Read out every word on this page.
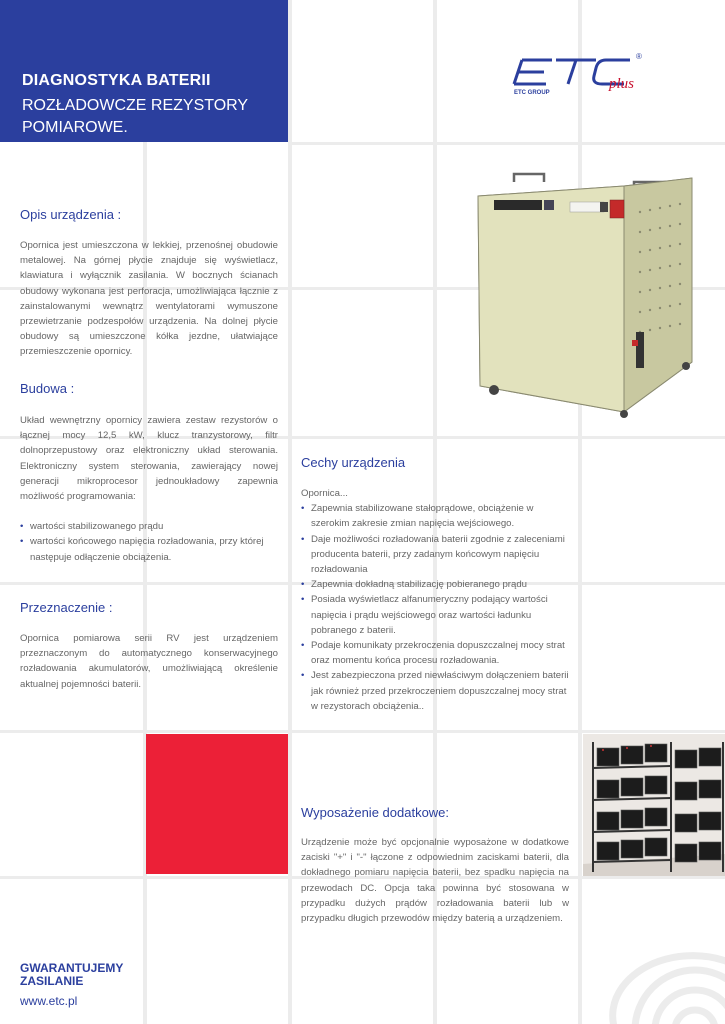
DIAGNOSTYKA BATERII
ROZŁADOWCZE REZYSTORY POMIAROWE.
plus
®
ETC GROUP
Opis urządzenia :

Opornica jest umieszczona w lekkiej, przenośnej obudowie metalowej. Na górnej płycie znajduje się wyświetlacz, klawiatura i wyłącznik zasilania. W bocznych ścianach obudowy wykonana jest perforacja, umożliwiająca łącznie z zainstalowanymi wewnątrz wentylatorami wymuszone przewietrzanie podzespołów urządzenia. Na dolnej płycie obudowy są umieszczone kółka jezdne, ułatwiające przemieszczenie opornicy.

Budowa :

Układ wewnętrzny opornicy zawiera zestaw rezystorów o łącznej mocy 12,5 kW, klucz tranzystorowy, filtr dolnoprzepustowy oraz elektroniczny układ sterowania. Elektroniczny system sterowania, zawierający nowej generacji mikroprocesor jednoukładowy zapewnia możliwość programowania:

• wartości stabilizowanego prądu
• wartości końcowego napięcia rozładowania, przy której

następuje odłączenie obciążenia.

Przeznaczenie :

Opornica pomiarowa serii RV jest urządzeniem przeznaczonym do automatycznego konserwacyjnego rozładowania akumulatorów, umożliwiającą określenie aktualnej pojemności baterii.

Cechy urządzenia

Opornica...

• Zapewnia stabilizowane stałoprądowe, obciążenie w szerokim zakresie zmian napięcia wejściowego.
• Daje możliwości rozładowania baterii zgodnie z zaleceniami producenta baterii, przy zadanym końcowym napięciu rozładowania
• Zapewnia dokładną stabilizację pobieranego prądu
• Posiada wyświetlacz alfanumeryczny podający wartości napięcia i prądu wejściowego oraz wartości ładunku pobranego z baterii.
• Podaje komunikaty przekroczenia dopuszczalnej mocy strat oraz momentu końca procesu rozładowania.
• Jest zabezpieczona przed niewłaściwym dołączeniem baterii jak również przed przekroczeniem dopuszczalnej mocy strat w rezystorach obciążenia..
Wyposażenie dodatkowe:

Urządzenie może być opcjonalnie wyposażone w dodatkowe zaciski "+" i "-" łączone z odpowiednim zaciskami baterii, dla dokładnego pomiaru napięcia baterii, bez spadku napięcia na przewodach DC. Opcja taka powinna być stosowana w przypadku dużych prądów rozładowania baterii lub w przypadku długich przewodów między baterią a urządzeniem.

GWARANTUJEMY
ZASILANIE
www.etc.pl
